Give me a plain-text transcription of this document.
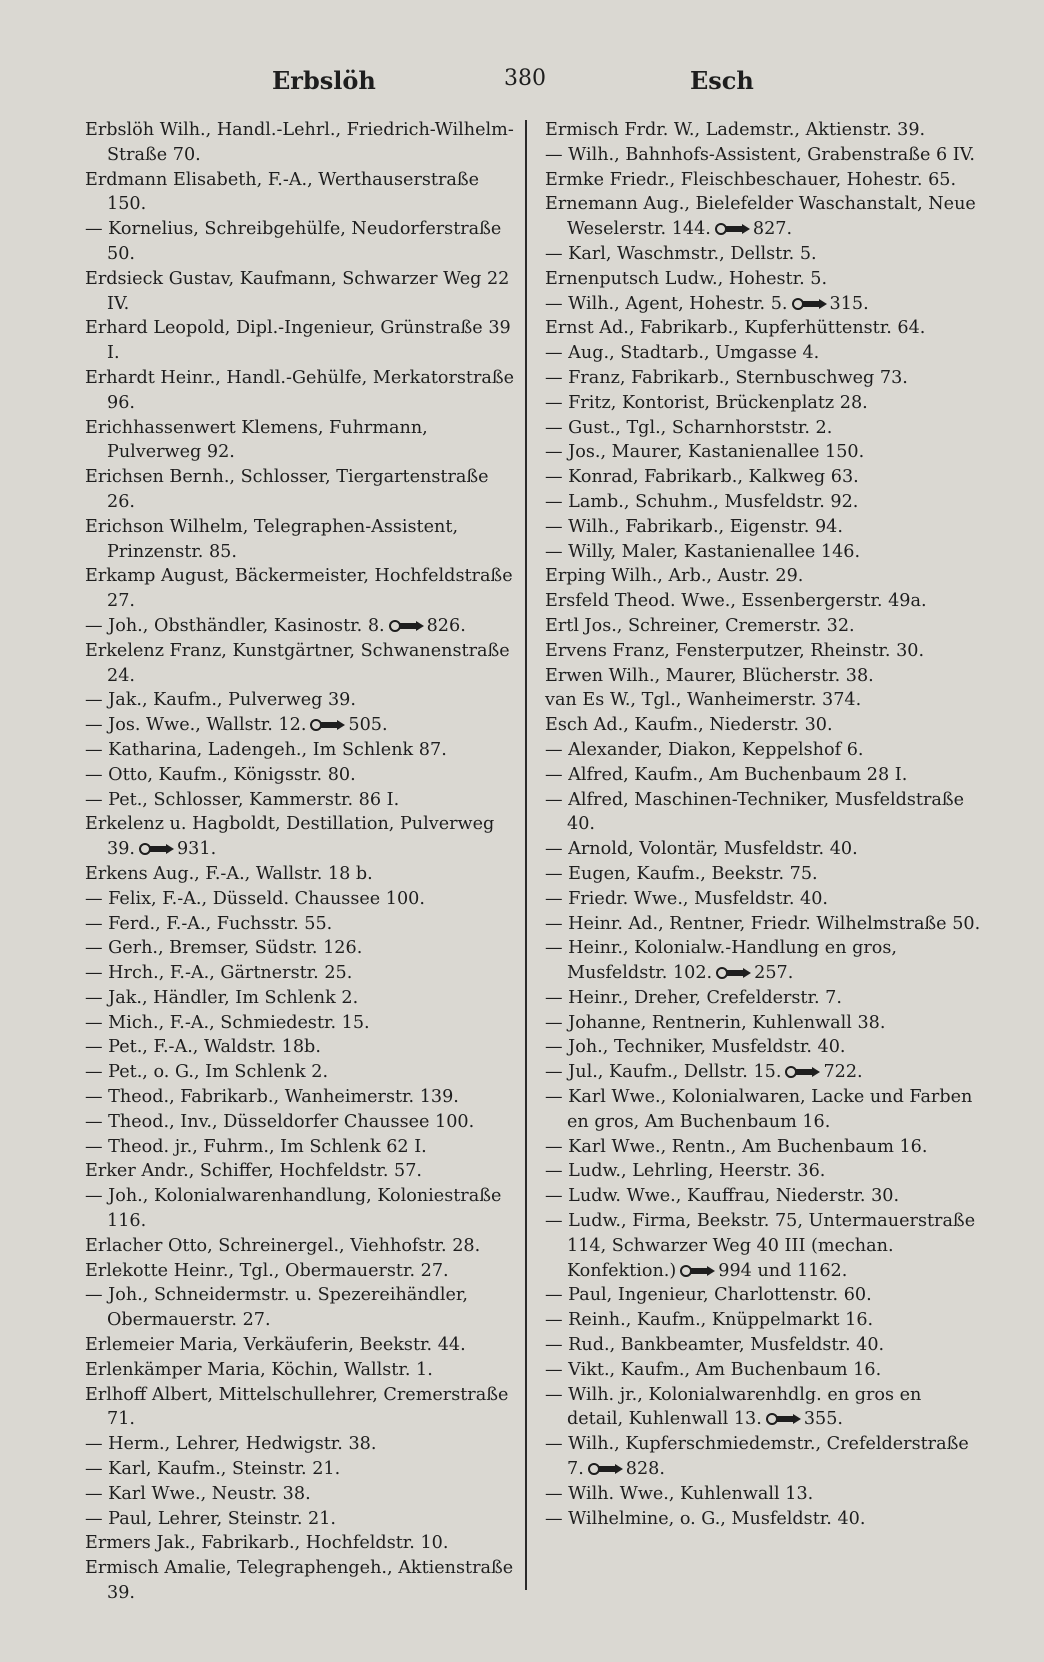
Erbslöh	380	Esch

Erbslöh Wilh., Handl.-Lehrl., Friedrich-Wilhelm-Straße 70.

Erdmann Elisabeth, F.-A., Werthauserstraße 150.

— Kornelius, Schreibgehülfe, Neudorferstraße 50.

Erdsieck Gustav, Kaufmann, Schwarzer Weg 22 IV.

Erhard Leopold, Dipl.-Ingenieur, Grünstraße 39 I.

Erhardt Heinr., Handl.-Gehülfe, Merkatorstraße 96.

Erichhassenwert Klemens, Fuhrmann, Pulverweg 92.

Erichsen Bernh., Schlosser, Tiergartenstraße 26.

Erichson Wilhelm, Telegraphen-Assistent, Prinzenstr. 85.

Erkamp August, Bäckermeister, Hochfeldstraße 27.

— Joh., Obsthändler, Kasinostr. 8. 826.

Erkelenz Franz, Kunstgärtner, Schwanenstraße 24.

— Jak., Kaufm., Pulverweg 39.

— Jos. Wwe., Wallstr. 12. 505.

— Katharina, Ladengeh., Im Schlenk 87.

— Otto, Kaufm., Königsstr. 80.

— Pet., Schlosser, Kammerstr. 86 I.

Erkelenz u. Hagboldt, Destillation, Pulverweg 39. 931.

Erkens Aug., F.-A., Wallstr. 18 b.

— Felix, F.-A., Düsseld. Chaussee 100.

— Ferd., F.-A., Fuchsstr. 55.

— Gerh., Bremser, Südstr. 126.

— Hrch., F.-A., Gärtnerstr. 25.

— Jak., Händler, Im Schlenk 2.

— Mich., F.-A., Schmiedestr. 15.

— Pet., F.-A., Waldstr. 18b.

— Pet., o. G., Im Schlenk 2.

— Theod., Fabrikarb., Wanheimerstr. 139.

— Theod., Inv., Düsseldorfer Chaussee 100.

— Theod. jr., Fuhrm., Im Schlenk 62 I.

Erker Andr., Schiffer, Hochfeldstr. 57.

— Joh., Kolonialwarenhandlung, Koloniestraße 116.

Erlacher Otto, Schreinergel., Viehhofstr. 28.

Erlekotte Heinr., Tgl., Obermauerstr. 27.

— Joh., Schneidermstr. u. Spezereihändler, Obermauerstr. 27.

Erlemeier Maria, Verkäuferin, Beekstr. 44.

Erlenkämper Maria, Köchin, Wallstr. 1.

Erlhoff Albert, Mittelschullehrer, Cremerstraße 71.

— Herm., Lehrer, Hedwigstr. 38.

— Karl, Kaufm., Steinstr. 21.

— Karl Wwe., Neustr. 38.

— Paul, Lehrer, Steinstr. 21.

Ermers Jak., Fabrikarb., Hochfeldstr. 10.

Ermisch Amalie, Telegraphengeh., Aktienstraße 39.

Ermisch Frdr. W., Lademstr., Aktienstr. 39.

— Wilh., Bahnhofs-Assistent, Grabenstraße 6 IV.

Ermke Friedr., Fleischbeschauer, Hohestr. 65.

Ernemann Aug., Bielefelder Waschanstalt, Neue Weselerstr. 144. 827.

— Karl, Waschmstr., Dellstr. 5.

Ernenputsch Ludw., Hohestr. 5.

— Wilh., Agent, Hohestr. 5. 315.

Ernst Ad., Fabrikarb., Kupferhüttenstr. 64.

— Aug., Stadtarb., Umgasse 4.

— Franz, Fabrikarb., Sternbuschweg 73.

— Fritz, Kontorist, Brückenplatz 28.

— Gust., Tgl., Scharnhorststr. 2.

— Jos., Maurer, Kastanienallee 150.

— Konrad, Fabrikarb., Kalkweg 63.

— Lamb., Schuhm., Musfeldstr. 92.

— Wilh., Fabrikarb., Eigenstr. 94.

— Willy, Maler, Kastanienallee 146.

Erping Wilh., Arb., Austr. 29.

Ersfeld Theod. Wwe., Essenbergerstr. 49a.

Ertl Jos., Schreiner, Cremerstr. 32.

Ervens Franz, Fensterputzer, Rheinstr. 30.

Erwen Wilh., Maurer, Blücherstr. 38.

van Es W., Tgl., Wanheimerstr. 374.

Esch Ad., Kaufm., Niederstr. 30.

— Alexander, Diakon, Keppelshof 6.

— Alfred, Kaufm., Am Buchenbaum 28 I.

— Alfred, Maschinen-Techniker, Musfeldstraße 40.

— Arnold, Volontär, Musfeldstr. 40.

— Eugen, Kaufm., Beekstr. 75.

— Friedr. Wwe., Musfeldstr. 40.

— Heinr. Ad., Rentner, Friedr. Wilhelmstraße 50.

— Heinr., Kolonialw.-Handlung en gros, Musfeldstr. 102. 257.

— Heinr., Dreher, Crefelderstr. 7.

— Johanne, Rentnerin, Kuhlenwall 38.

— Joh., Techniker, Musfeldstr. 40.

— Jul., Kaufm., Dellstr. 15. 722.

— Karl Wwe., Kolonialwaren, Lacke und Farben en gros, Am Buchenbaum 16.

— Karl Wwe., Rentn., Am Buchenbaum 16.

— Ludw., Lehrling, Heerstr. 36.

— Ludw. Wwe., Kauffrau, Niederstr. 30.

— Ludw., Firma, Beekstr. 75, Untermauerstraße 114, Schwarzer Weg 40 III (mechan. Konfektion.) 994 und 1162.

— Paul, Ingenieur, Charlottenstr. 60.

— Reinh., Kaufm., Knüppelmarkt 16.

— Rud., Bankbeamter, Musfeldstr. 40.

— Vikt., Kaufm., Am Buchenbaum 16.

— Wilh. jr., Kolonialwarenhdlg. en gros en detail, Kuhlenwall 13. 355.

— Wilh., Kupferschmiedemstr., Crefelderstraße 7. 828.

— Wilh. Wwe., Kuhlenwall 13.

— Wilhelmine, o. G., Musfeldstr. 40.
